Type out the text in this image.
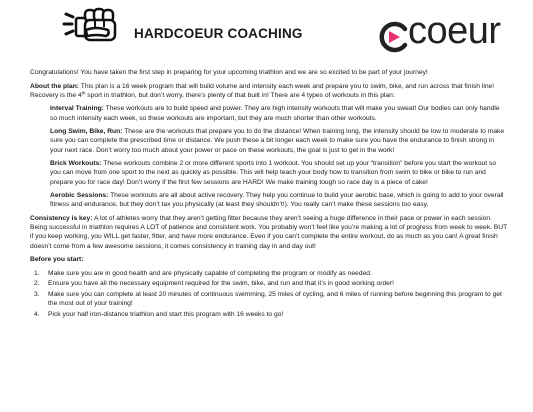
HARDCOEUR COACHING	coeur

Congratulations! You have taken the first step in preparing for your upcoming triathlon and we are so excited to be part of your journey!

About the plan: This plan is a 16 week program that will build volume and intensity each week and prepare you to swim, bike, and run across that finish line! Recovery is the 4th sport in triathlon, but don’t worry, there’s plenty of that built in! There are 4 types of workouts in this plan:

Interval Training: These workouts are to build speed and power. They are high intensity workouts that will make you sweat! Our bodies can only handle so much intensity each week, so these workouts are important, but they are much shorter than other workouts.

Long Swim, Bike, Run: These are the workouts that prepare you to do the distance! When training long, the intensity should be low to moderate to make sure you can complete the prescribed time or distance. We push these a bit longer each week to make sure you have the endurance to finish strong in your next race. Don’t worry too much about your power or pace on these workouts, the goal is just to get in the work!

Brick Workouts: These workouts combine 2 or more different sports into 1 workout. You should set up your “transition” before you start the workout so you can move from one sport to the next as quickly as possible. This will help teach your body how to transition from swim to bike or bike to run and prepare you for race day! Don’t worry if the first few sessions are HARD! We make training tough so race day is a piece of cake!

Aerobic Sessions: These workouts are all about active recovery. They help you continue to build your aerobic base, which is going to add to your overall fitness and endurance, but they don’t tax you physically (at least they shouldn’t!). You really can’t make these sessions too easy.

Consistency is key: A lot of athletes worry that they aren’t getting fitter because they aren’t seeing a huge difference in their pace or power in each session. Being successful in triathlon requires A LOT of patience and consistent work. You probably won’t feel like you’re making a lot of progress from week to week. BUT if you keep working, you WILL get faster, fitter, and have more endurance. Even if you can’t complete the entire workout, do as much as you can! A great finish doesn’t come from a few awesome sessions, it comes consistency in training day in and day out!

Before you start:

1.	Make sure you are in good health and are physically capable of completing the program or modify as needed.
2.	Ensure you have all the necessary equipment required for the swim, bike, and run and that it’s in good working order!
3.	Make sure you can complete at least 20 minutes of continuous swimming, 25 miles of cycling, and 6 miles of running before beginning this program to get the most out of your training!
4.	Pick your half iron-distance triathlon and start this program with 16 weeks to go!
